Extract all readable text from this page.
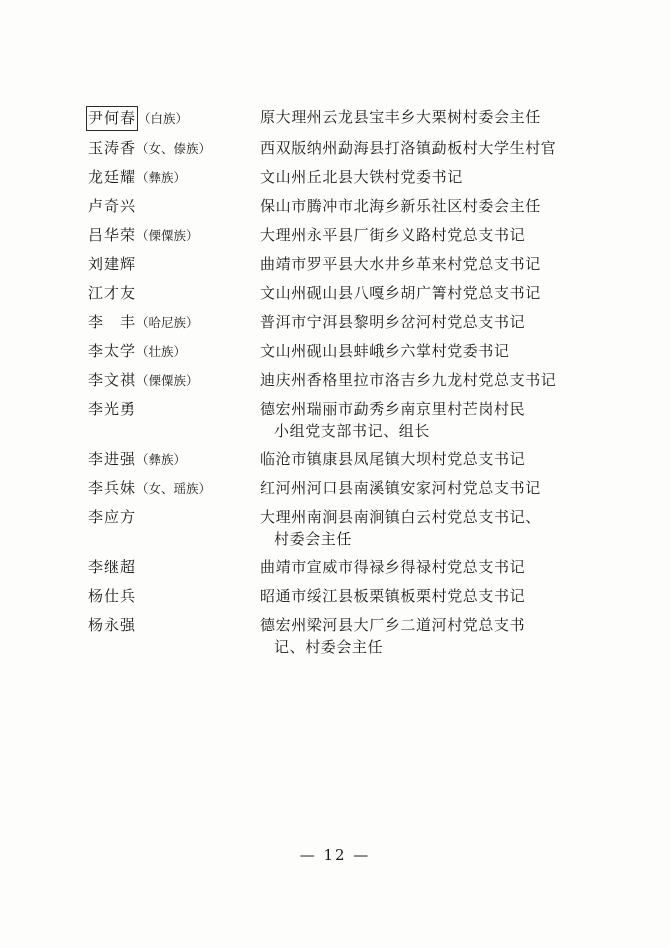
尹何春 （白族）	原大理州云龙县宝丰乡大栗树村委会主任
玉涛香（女、傣族）	西双版纳州勐海县打洛镇勐板村大学生村官
龙廷耀（彝族）	文山州丘北县大铁村党委书记
卢奇兴	保山市腾冲市北海乡新乐社区村委会主任
吕华荣（傈僳族）	大理州永平县厂街乡义路村党总支书记
刘建辉	曲靖市罗平县大水井乡革来村党总支书记
江才友	文山州砚山县八嘎乡胡广箐村党总支书记
李　丰（哈尼族）	普洱市宁洱县黎明乡岔河村党总支书记
李太学（壮族）	文山州砚山县蚌峨乡六掌村党委书记
李文祺（傈僳族）	迪庆州香格里拉市洛吉乡九龙村党总支书记
李光勇	德宏州瑞丽市勐秀乡南京里村芒岗村民
小组党支部书记、组长
李进强（彝族）	临沧市镇康县凤尾镇大坝村党总支书记
李兵妹（女、瑶族）	红河州河口县南溪镇安家河村党总支书记
李应方	大理州南涧县南涧镇白云村党总支书记、
村委会主任
李继超	曲靖市宣威市得禄乡得禄村党总支书记
杨仕兵	昭通市绥江县板栗镇板栗村党总支书记
杨永强	德宏州梁河县大厂乡二道河村党总支书
记、村委会主任
— 12 —
